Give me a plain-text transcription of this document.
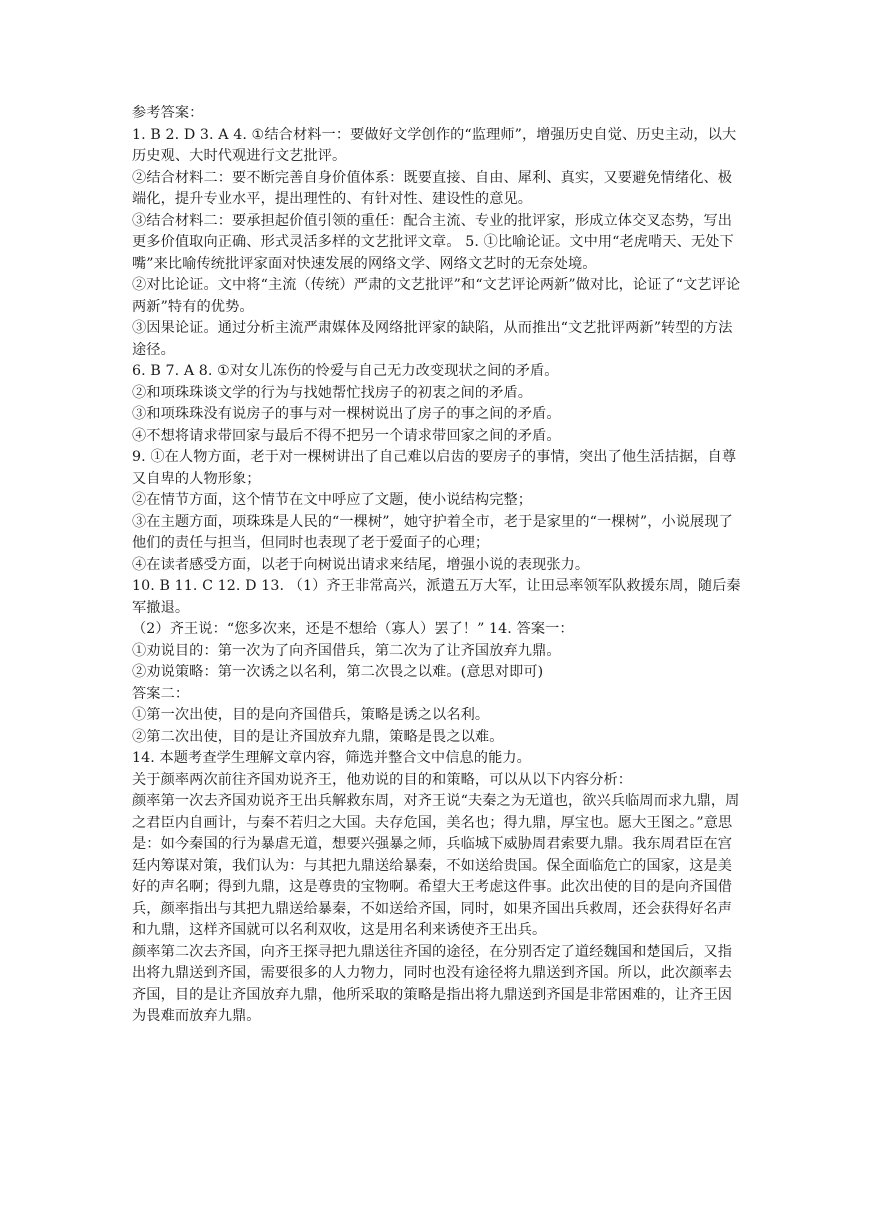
参考答案：

1. B 2. D 3. A 4. ①结合材料一：要做好文学创作的“监理师”，增强历史自觉、历史主动，以大历史观、大时代观进行文艺批评。

②结合材料二：要不断完善自身价值体系：既要直接、自由、犀利、真实，又要避免情绪化、极端化，提升专业水平，提出理性的、有针对性、建设性的意见。

③结合材料二：要承担起价值引领的重任：配合主流、专业的批评家，形成立体交叉态势，写出更多价值取向正确、形式灵活多样的文艺批评文章。 5. ①比喻论证。文中用“老虎啃天、无处下嘴”来比喻传统批评家面对快速发展的网络文学、网络文艺时的无奈处境。

②对比论证。文中将“主流（传统）严肃的文艺批评”和“文艺评论两新”做对比，论证了“文艺评论两新”特有的优势。

③因果论证。通过分析主流严肃媒体及网络批评家的缺陷，从而推出“文艺批评两新”转型的方法途径。

6. B 7. A 8. ①对女儿冻伤的怜爱与自己无力改变现状之间的矛盾。

②和项珠珠谈文学的行为与找她帮忙找房子的初衷之间的矛盾。

③和项珠珠没有说房子的事与对一棵树说出了房子的事之间的矛盾。

④不想将请求带回家与最后不得不把另一个请求带回家之间的矛盾。

9. ①在人物方面，老于对一棵树讲出了自己难以启齿的要房子的事情，突出了他生活拮据，自尊又自卑的人物形象；

②在情节方面，这个情节在文中呼应了文题，使小说结构完整；

③在主题方面，项珠珠是人民的“一棵树”，她守护着全市，老于是家里的“一棵树”，小说展现了他们的责任与担当，但同时也表现了老于爱面子的心理；

④在读者感受方面，以老于向树说出请求来结尾，增强小说的表现张力。

10. B 11. C 12. D 13. （1）齐王非常高兴，派遣五万大军，让田忌率领军队救援东周，随后秦军撤退。

（2）齐王说：“您多次来，还是不想给（寡人）罢了！” 14. 答案一：

①劝说目的：第一次为了向齐国借兵，第二次为了让齐国放弃九鼎。

②劝说策略：第一次诱之以名利，第二次畏之以难。(意思对即可)

答案二：

①第一次出使，目的是向齐国借兵，策略是诱之以名利。

②第二次出使，目的是让齐国放弃九鼎，策略是畏之以难。

14. 本题考查学生理解文章内容，筛选并整合文中信息的能力。

关于颜率两次前往齐国劝说齐王，他劝说的目的和策略，可以从以下内容分析：

颜率第一次去齐国劝说齐王出兵解救东周，对齐王说“夫秦之为无道也，欲兴兵临周而求九鼎，周之君臣内自画计，与秦不若归之大国。夫存危国，美名也；得九鼎，厚宝也。愿大王图之。”意思是：如今秦国的行为暴虐无道，想要兴强暴之师，兵临城下威胁周君索要九鼎。我东周君臣在宫廷内筹谋对策，我们认为：与其把九鼎送给暴秦，不如送给贵国。保全面临危亡的国家，这是美好的声名啊；得到九鼎，这是尊贵的宝物啊。希望大王考虑这件事。此次出使的目的是向齐国借兵，颜率指出与其把九鼎送给暴秦，不如送给齐国，同时，如果齐国出兵救周，还会获得好名声和九鼎，这样齐国就可以名利双收，这是用名利来诱使齐王出兵。

颜率第二次去齐国，向齐王探寻把九鼎送往齐国的途径，在分别否定了道经魏国和楚国后，又指出将九鼎送到齐国，需要很多的人力物力，同时也没有途径将九鼎送到齐国。所以，此次颜率去齐国，目的是让齐国放弃九鼎，他所采取的策略是指出将九鼎送到齐国是非常困难的，让齐王因为畏难而放弃九鼎。
